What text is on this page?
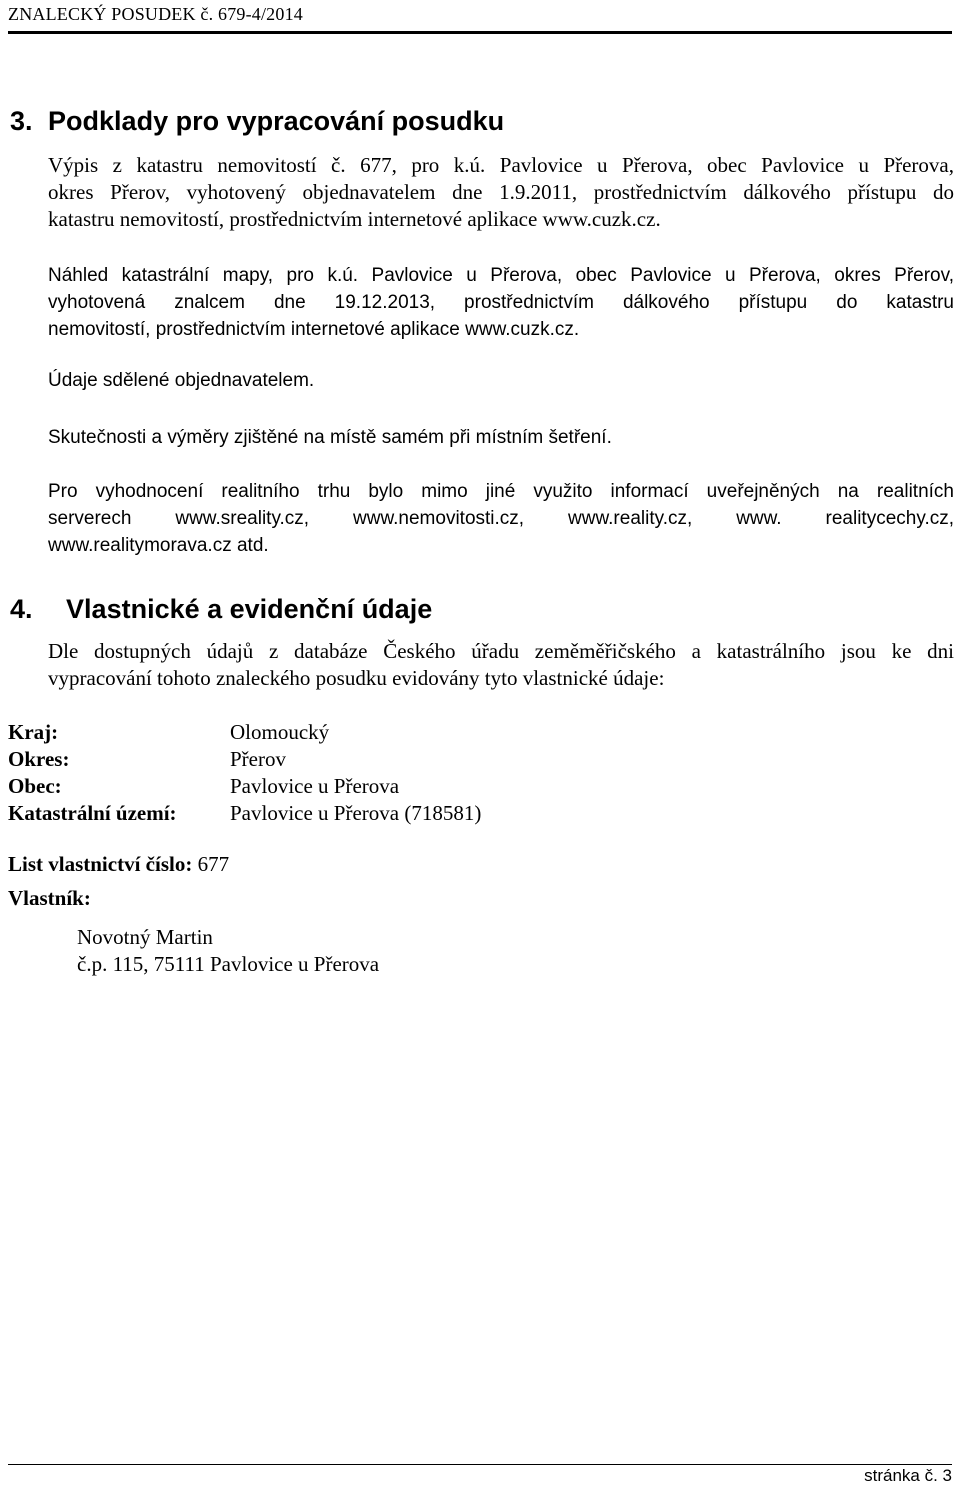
ZNALECKÝ POSUDEK č. 679-4/2014
3. Podklady pro vypracování posudku
Výpis z katastru nemovitostí č. 677, pro k.ú. Pavlovice u Přerova, obec Pavlovice u Přerova,
okres Přerov, vyhotovený objednavatelem dne 1.9.2011, prostřednictvím dálkového přístupu do
katastru nemovitostí, prostřednictvím internetové aplikace www.cuzk.cz.
Náhled katastrální mapy, pro k.ú. Pavlovice u Přerova, obec Pavlovice u Přerova, okres Přerov,
vyhotovená znalcem dne 19.12.2013, prostřednictvím dálkového přístupu do katastru
nemovitostí, prostřednictvím internetové aplikace www.cuzk.cz.
Údaje sdělené objednavatelem.
Skutečnosti a výměry zjištěné na místě samém při místním šetření.
Pro vyhodnocení realitního trhu bylo mimo jiné využito informací uveřejněných na realitních
serverech www.sreality.cz, www.nemovitosti.cz, www.reality.cz, www. realitycechy.cz,
www.realitymorava.cz atd.
4. Vlastnické a evidenční údaje
Dle dostupných údajů z databáze Českého úřadu zeměměřičského a katastrálního jsou ke dni
vypracování tohoto znaleckého posudku evidovány tyto vlastnické údaje:
Kraj:	Olomoucký
Okres:	Přerov
Obec:	Pavlovice u Přerova
Katastrální území:	Pavlovice u Přerova (718581)
List vlastnictví číslo: 677
Vlastník:
Novotný Martin
č.p. 115, 75111 Pavlovice u Přerova
stránka č. 3
